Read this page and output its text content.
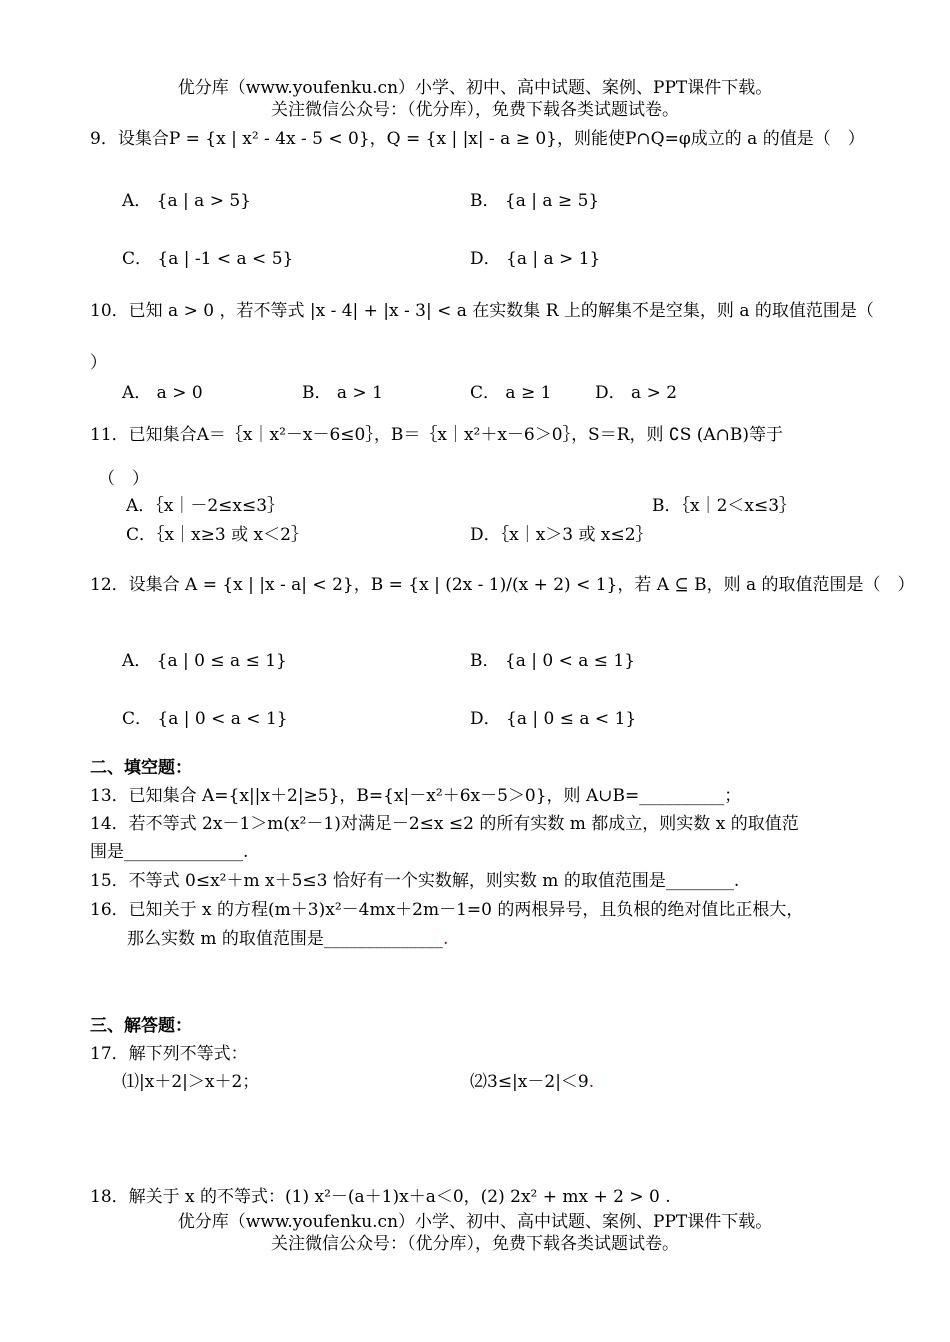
优分库（www.youfenku.cn）小学、初中、高中试题、案例、PPT课件下载。
关注微信公众号：（优分库），免费下载各类试题试卷。
9．设集合P = {x | x² - 4x - 5 < 0}，Q = {x | |x| - a ≥ 0}，则能使P∩Q=φ成立的 a 的值是（　）
A． {a | a > 5}	B． {a | a ≥ 5}
C． {a | -1 < a < 5}	D． {a | a > 1}
10．已知 a > 0 ，若不等式 |x - 4| + |x - 3| < a 在实数集 R 上的解集不是空集，则 a 的取值范围是（
）
A． a > 0	B． a > 1	C． a ≥ 1	D． a > 2
11．已知集合A＝｛x｜x²－x－6≤0｝，B＝｛x｜x²＋x－6＞0｝，S＝R，则 ∁S (A∩B)等于
（　）
A．｛x｜－2≤x≤3｝	B．｛x｜2＜x≤3｝
C．｛x｜x≥3 或 x＜2｝	D．｛x｜x＞3 或 x≤2｝
12．设集合 A = {x | |x - a| < 2}，B = {x | (2x - 1)/(x + 2) < 1}，若 A ⊆ B，则 a 的取值范围是（　）
A． {a | 0 ≤ a ≤ 1}	B． {a | 0 < a ≤ 1}
C． {a | 0 < a < 1}	D． {a | 0 ≤ a < 1}
二、填空题：
13．已知集合 A={x||x＋2|≥5}，B={x|－x²＋6x－5＞0}，则 A∪B=__________；
14．若不等式 2x－1＞m(x²－1)对满足－2≤x ≤2 的所有实数 m 都成立，则实数 x 的取值范
围是______________.
15．不等式 0≤x²＋m x＋5≤3 恰好有一个实数解，则实数 m 的取值范围是________.
16．已知关于 x 的方程(m＋3)x²－4mx＋2m－1=0 的两根异号，且负根的绝对值比正根大，
那么实数 m 的取值范围是______________.
三、解答题：
17．解下列不等式：
⑴|x＋2|＞x＋2；	⑵3≤|x－2|＜9.
18．解关于 x 的不等式：(1) x²－(a＋1)x＋a＜0，(2) 2x² + mx + 2 > 0 .
优分库（www.youfenku.cn）小学、初中、高中试题、案例、PPT课件下载。
关注微信公众号：（优分库），免费下载各类试题试卷。
